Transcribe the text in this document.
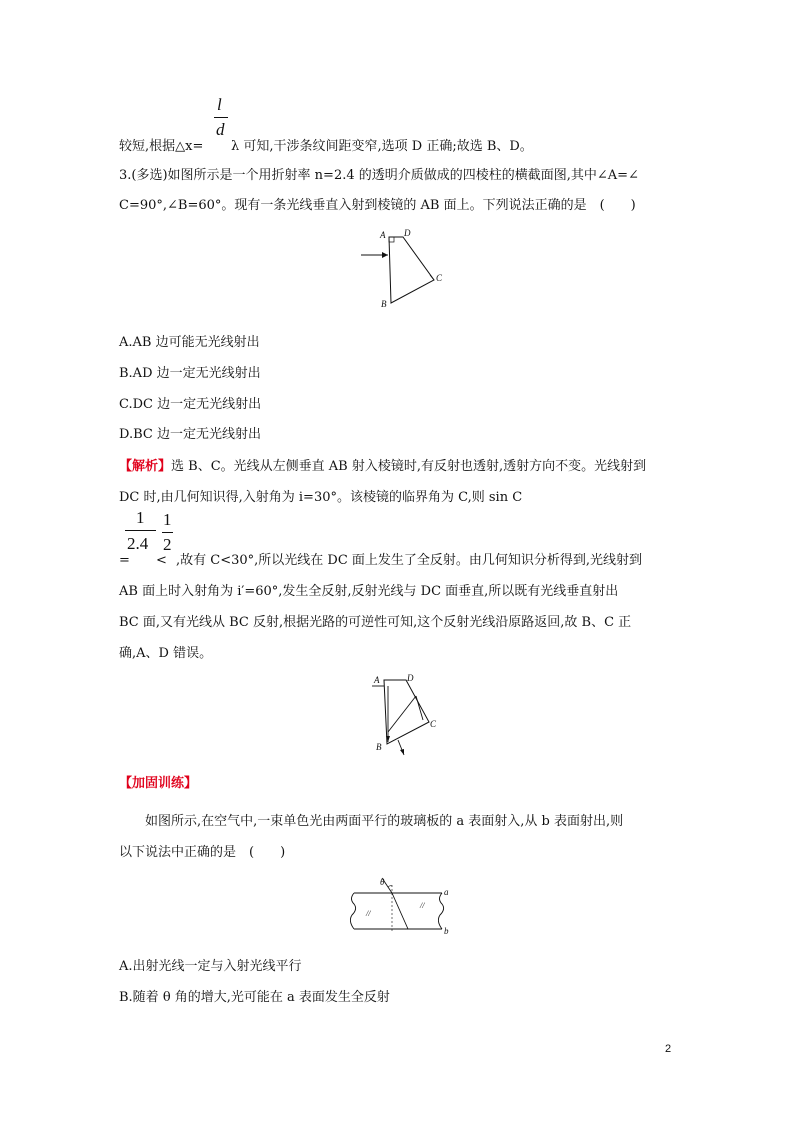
l
d
较短,根据△x= λ 可知,干涉条纹间距变窄,选项 D 正确;故选 B、D。
3.(多选)如图所示是一个用折射率 n=2.4 的透明介质做成的四棱柱的横截面图,其中∠A=∠
C=90°,∠B=60°。现有一条光线垂直入射到棱镜的 AB 面上。下列说法正确的是　(　　)
A D
C
B
A.AB 边可能无光线射出
B.AD 边一定无光线射出
C.DC 边一定无光线射出
D.BC 边一定无光线射出
【解析】选 B、C。光线从左侧垂直 AB 射入棱镜时,有反射也透射,透射方向不变。光线射到
DC 时,由几何知识得,入射角为 i=30°。该棱镜的临界角为 C,则 sin C
1
2.4
1
2
= < ,故有 C<30°,所以光线在 DC 面上发生了全反射。由几何知识分析得到,光线射到
AB 面上时入射角为 i′=60°,发生全反射,反射光线与 DC 面垂直,所以既有光线垂直射出
BC 面,又有光线从 BC 反射,根据光路的可逆性可知,这个反射光线沿原路返回,故 B、C 正
确,A、D 错误。
A	D
C
B
【加固训练】
　　如图所示,在空气中,一束单色光由两面平行的玻璃板的 a 表面射入,从 b 表面射出,则
以下说法中正确的是　(　　)
//
//
θ
a
b
A.出射光线一定与入射光线平行
B.随着 θ 角的增大,光可能在 a 表面发生全反射
2
